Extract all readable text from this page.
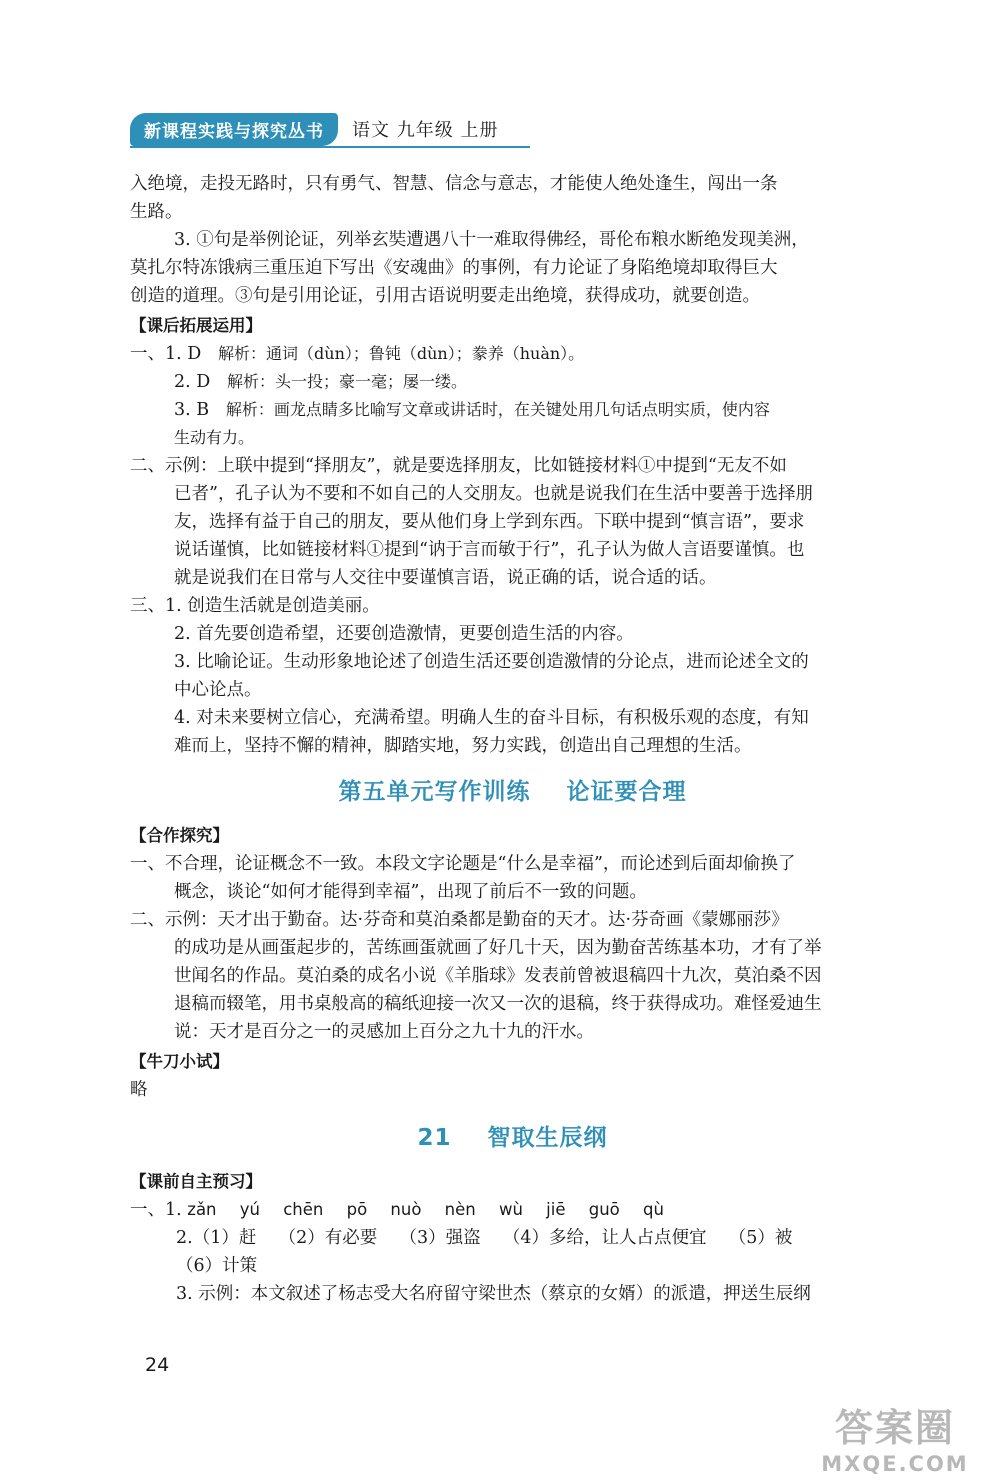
新课程实践与探究丛书	语文 九年级 上册
入绝境，走投无路时，只有勇气、智慧、信念与意志，才能使人绝处逢生，闯出一条
生路。
3. ①句是举例论证，列举玄奘遭遇八十一难取得佛经，哥伦布粮水断绝发现美洲，
莫扎尔特冻饿病三重压迫下写出《安魂曲》的事例，有力论证了身陷绝境却取得巨大
创造的道理。③句是引用论证，引用古语说明要走出绝境，获得成功，就要创造。
【课后拓展运用】
一、1. D 解析：通词（dùn）；鲁钝（dùn）；豢养（huàn）。
2. D 解析：头一投；豪一毫；屡一缕。
3. B 解析：画龙点睛多比喻写文章或讲话时，在关键处用几句话点明实质，使内容
生动有力。
二、示例：上联中提到“择朋友”，就是要选择朋友，比如链接材料①中提到“无友不如
已者”，孔子认为不要和不如自己的人交朋友。也就是说我们在生活中要善于选择朋
友，选择有益于自己的朋友，要从他们身上学到东西。下联中提到“慎言语”，要求
说话谨慎，比如链接材料①提到“讷于言而敏于行”，孔子认为做人言语要谨慎。也
就是说我们在日常与人交往中要谨慎言语，说正确的话，说合适的话。
三、1. 创造生活就是创造美丽。
2. 首先要创造希望，还要创造激情，更要创造生活的内容。
3. 比喻论证。生动形象地论述了创造生活还要创造激情的分论点，进而论述全文的
中心论点。
4. 对未来要树立信心，充满希望。明确人生的奋斗目标，有积极乐观的态度，有知
难而上，坚持不懈的精神，脚踏实地，努力实践，创造出自己理想的生活。
第五单元写作训练    论证要合理
【合作探究】
一、不合理，论证概念不一致。本段文字论题是“什么是幸福”，而论述到后面却偷换了
概念，谈论“如何才能得到幸福”，出现了前后不一致的问题。
二、示例：天才出于勤奋。达·芬奇和莫泊桑都是勤奋的天才。达·芬奇画《蒙娜丽莎》
的成功是从画蛋起步的，苦练画蛋就画了好几十天，因为勤奋苦练基本功，才有了举
世闻名的作品。莫泊桑的成名小说《羊脂球》发表前曾被退稿四十九次，莫泊桑不因
退稿而辍笔，用书桌般高的稿纸迎接一次又一次的退稿，终于获得成功。难怪爱迪生
说：天才是百分之一的灵感加上百分之九十九的汗水。
【牛刀小试】
略
21    智取生辰纲
【课前自主预习】
一、1. zǎn yú chēn pō nuò nèn wù jiē guō qù
2.（1）赶    （2）有必要    （3）强盗    （4）多给，让人占点便宜    （5）被
（6）计策
3. 示例：本文叙述了杨志受大名府留守梁世杰（蔡京的女婿）的派遣，押送生辰纲
24
答案圈
MXQE.COM
